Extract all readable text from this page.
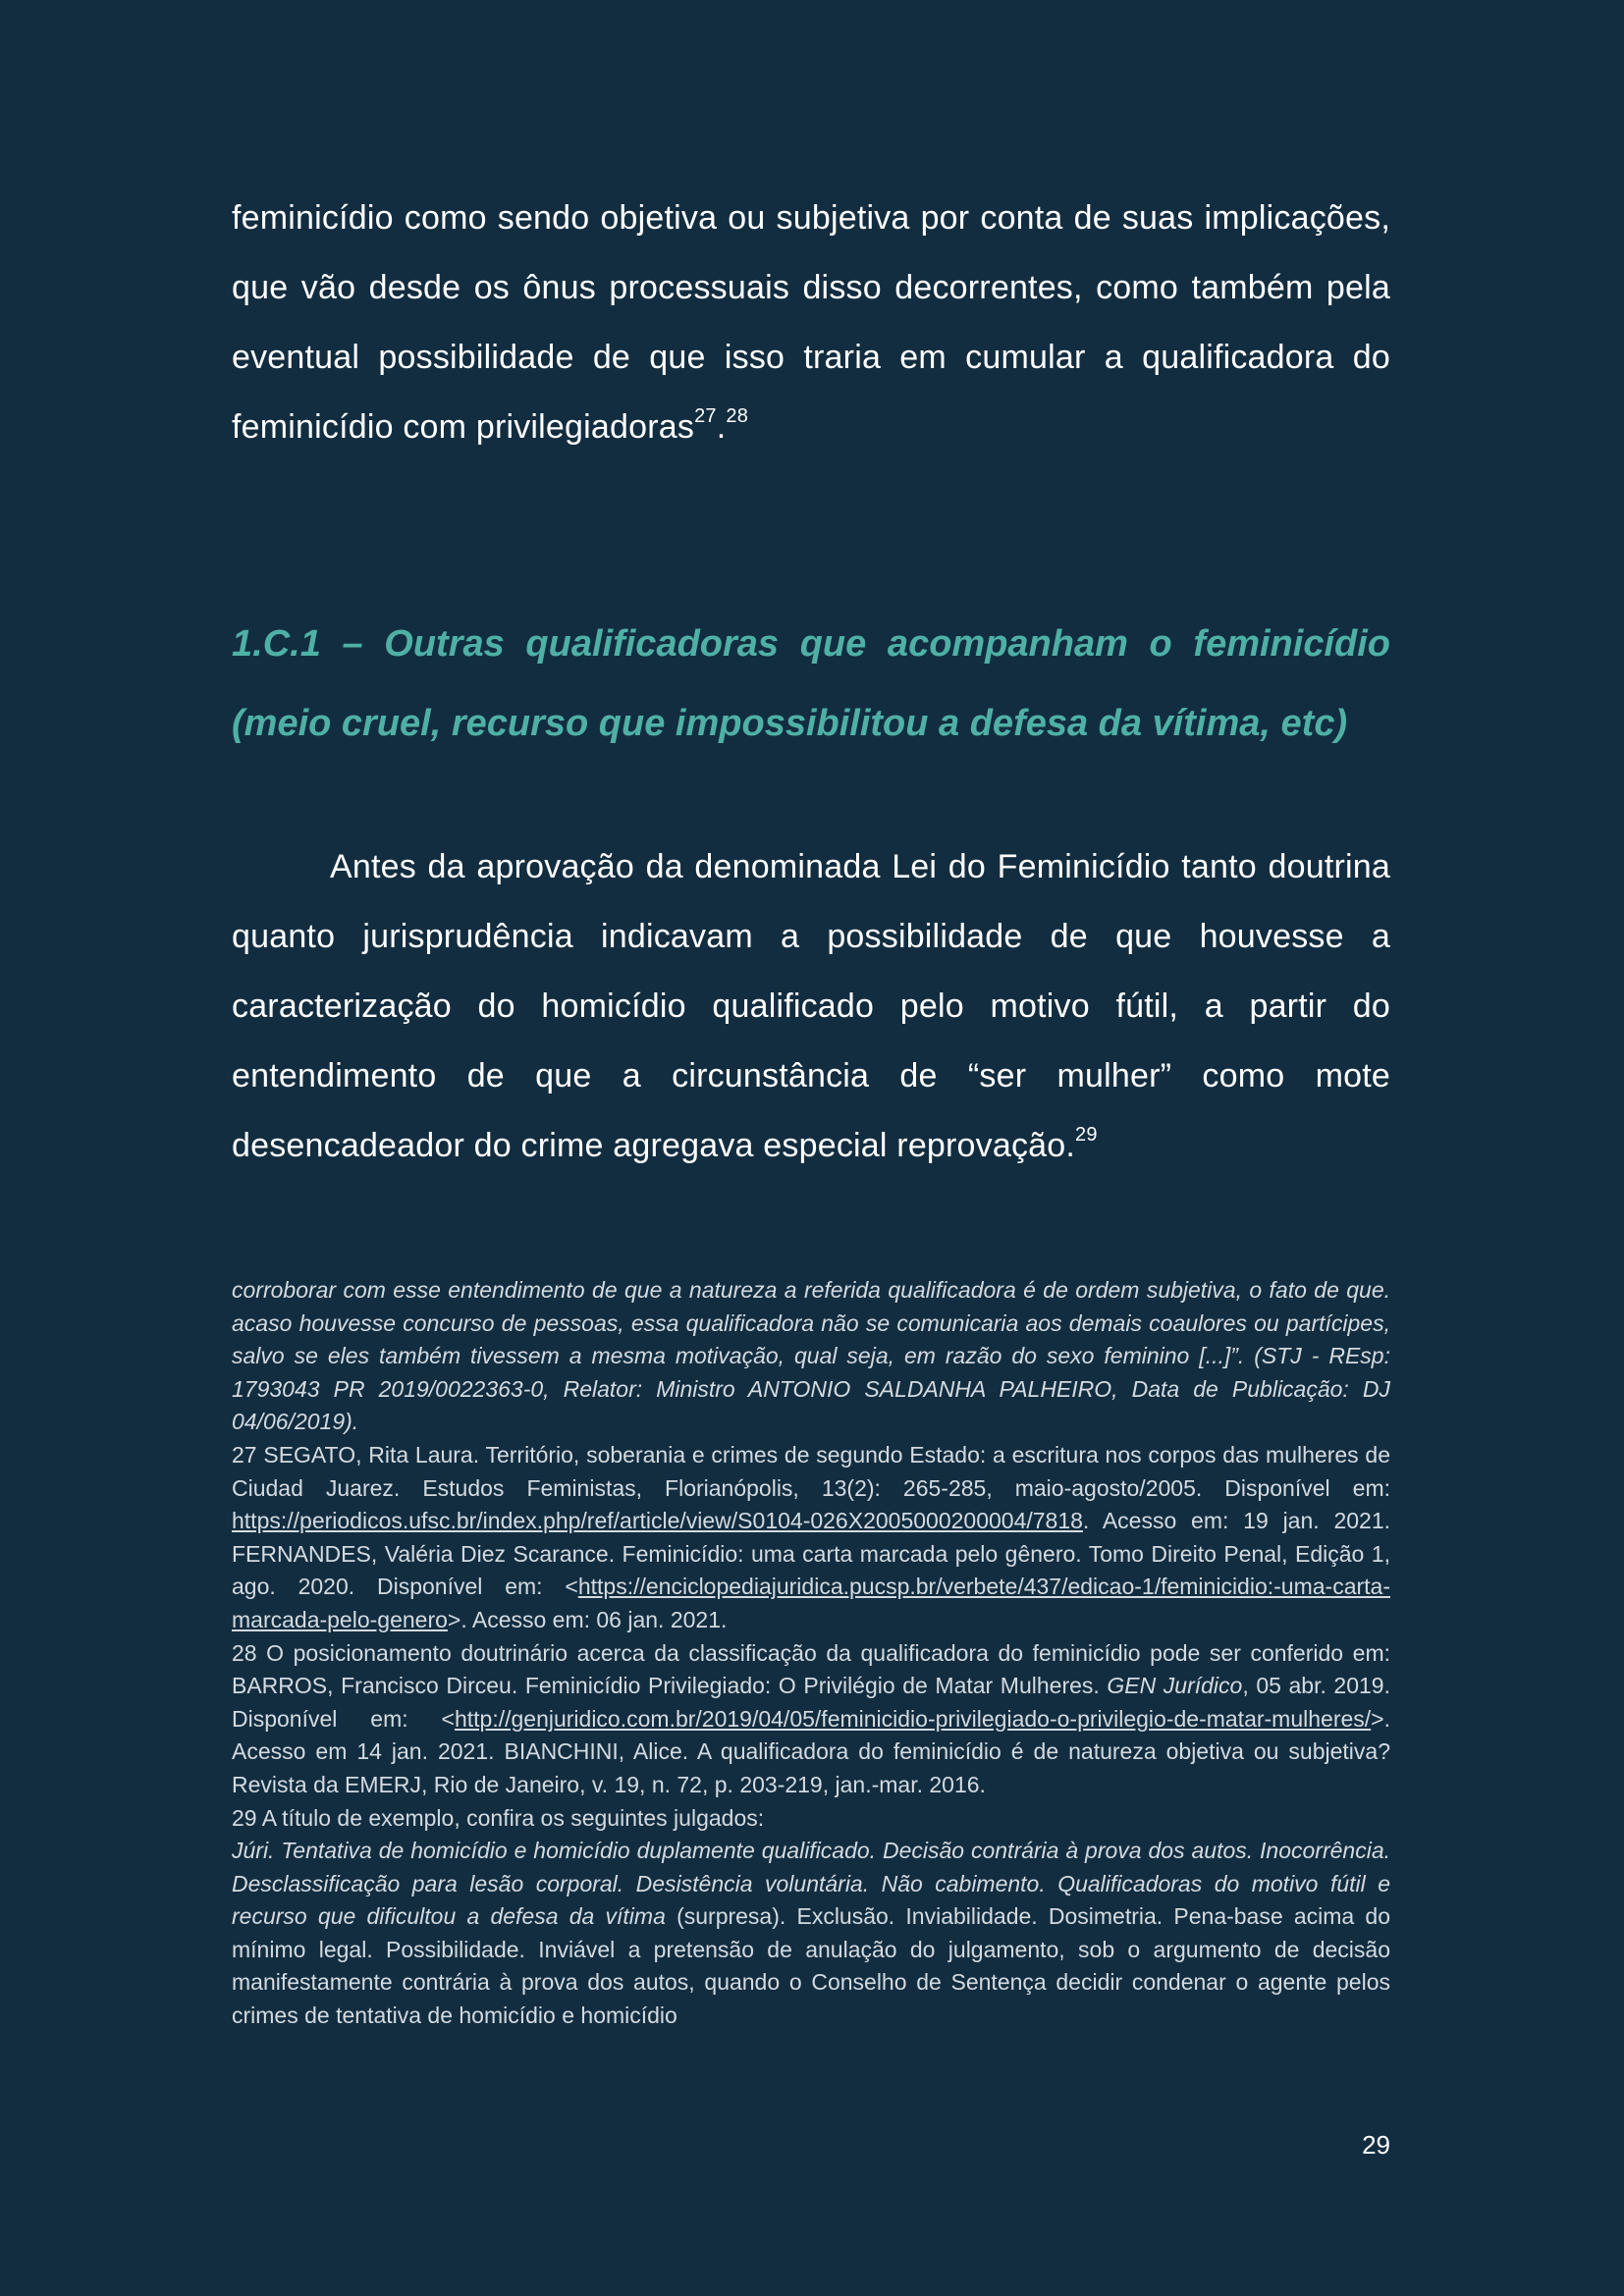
feminicídio como sendo objetiva ou subjetiva por conta de suas implicações, que vão desde os ônus processuais disso decorrentes, como também pela eventual possibilidade de que isso traria em cumular a qualificadora do feminicídio com privilegiadoras$^{27}$.$^{28}$

1.C.1 – Outras qualificadoras que acompanham o feminicídio (meio cruel, recurso que impossibilitou a defesa da vítima, etc)

Antes da aprovação da denominada Lei do Feminicídio tanto doutrina quanto jurisprudência indicavam a possibilidade de que houvesse a caracterização do homicídio qualificado pelo motivo fútil, a partir do entendimento de que a circunstância de “ser mulher” como mote desencadeador do crime agregava especial reprovação.$^{29}$

corroborar com esse entendimento de que a natureza a referida qualificadora é de ordem subjetiva, o fato de que. acaso houvesse concurso de pessoas, essa qualificadora não se comunicaria aos demais coaulores ou partícipes, salvo se eles também tivessem a mesma motivação, qual seja, em razão do sexo feminino [...]”. (STJ - REsp: 1793043 PR 2019/0022363-0, Relator: Ministro ANTONIO SALDANHA PALHEIRO, Data de Publicação: DJ 04/06/2019).

27 SEGATO, Rita Laura. Território, soberania e crimes de segundo Estado: a escritura nos corpos das mulheres de Ciudad Juarez. Estudos Feministas, Florianópolis, 13(2): 265-285, maio-agosto/2005. Disponível em: https://periodicos.ufsc.br/index.php/ref/article/view/S0104-026X2005000200004/7818. Acesso em: 19 jan. 2021. FERNANDES, Valéria Diez Scarance. Feminicídio: uma carta marcada pelo gênero. Tomo Direito Penal, Edição 1, ago. 2020. Disponível em: <https://enciclopediajuridica.pucsp.br/verbete/437/edicao-1/feminicidio:-uma-carta-marcada-pelo-genero>. Acesso em: 06 jan. 2021.

28 O posicionamento doutrinário acerca da classificação da qualificadora do feminicídio pode ser conferido em: BARROS, Francisco Dirceu. Feminicídio Privilegiado: O Privilégio de Matar Mulheres. GEN Jurídico, 05 abr. 2019. Disponível em: <http://genjuridico.com.br/2019/04/05/feminicidio-privilegiado-o-privilegio-de-matar-mulheres/>. Acesso em 14 jan. 2021. BIANCHINI, Alice. A qualificadora do feminicídio é de natureza objetiva ou subjetiva? Revista da EMERJ, Rio de Janeiro, v. 19, n. 72, p. 203-219, jan.-mar. 2016.

29 A título de exemplo, confira os seguintes julgados:

Júri. Tentativa de homicídio e homicídio duplamente qualificado. Decisão contrária à prova dos autos. Inocorrência. Desclassificação para lesão corporal. Desistência voluntária. Não cabimento. Qualificadoras do motivo fútil e recurso que dificultou a defesa da vítima (surpresa). Exclusão. Inviabilidade. Dosimetria. Pena-base acima do mínimo legal. Possibilidade. Inviável a pretensão de anulação do julgamento, sob o argumento de decisão manifestamente contrária à prova dos autos, quando o Conselho de Sentença decidir condenar o agente pelos crimes de tentativa de homicídio e homicídio

29
